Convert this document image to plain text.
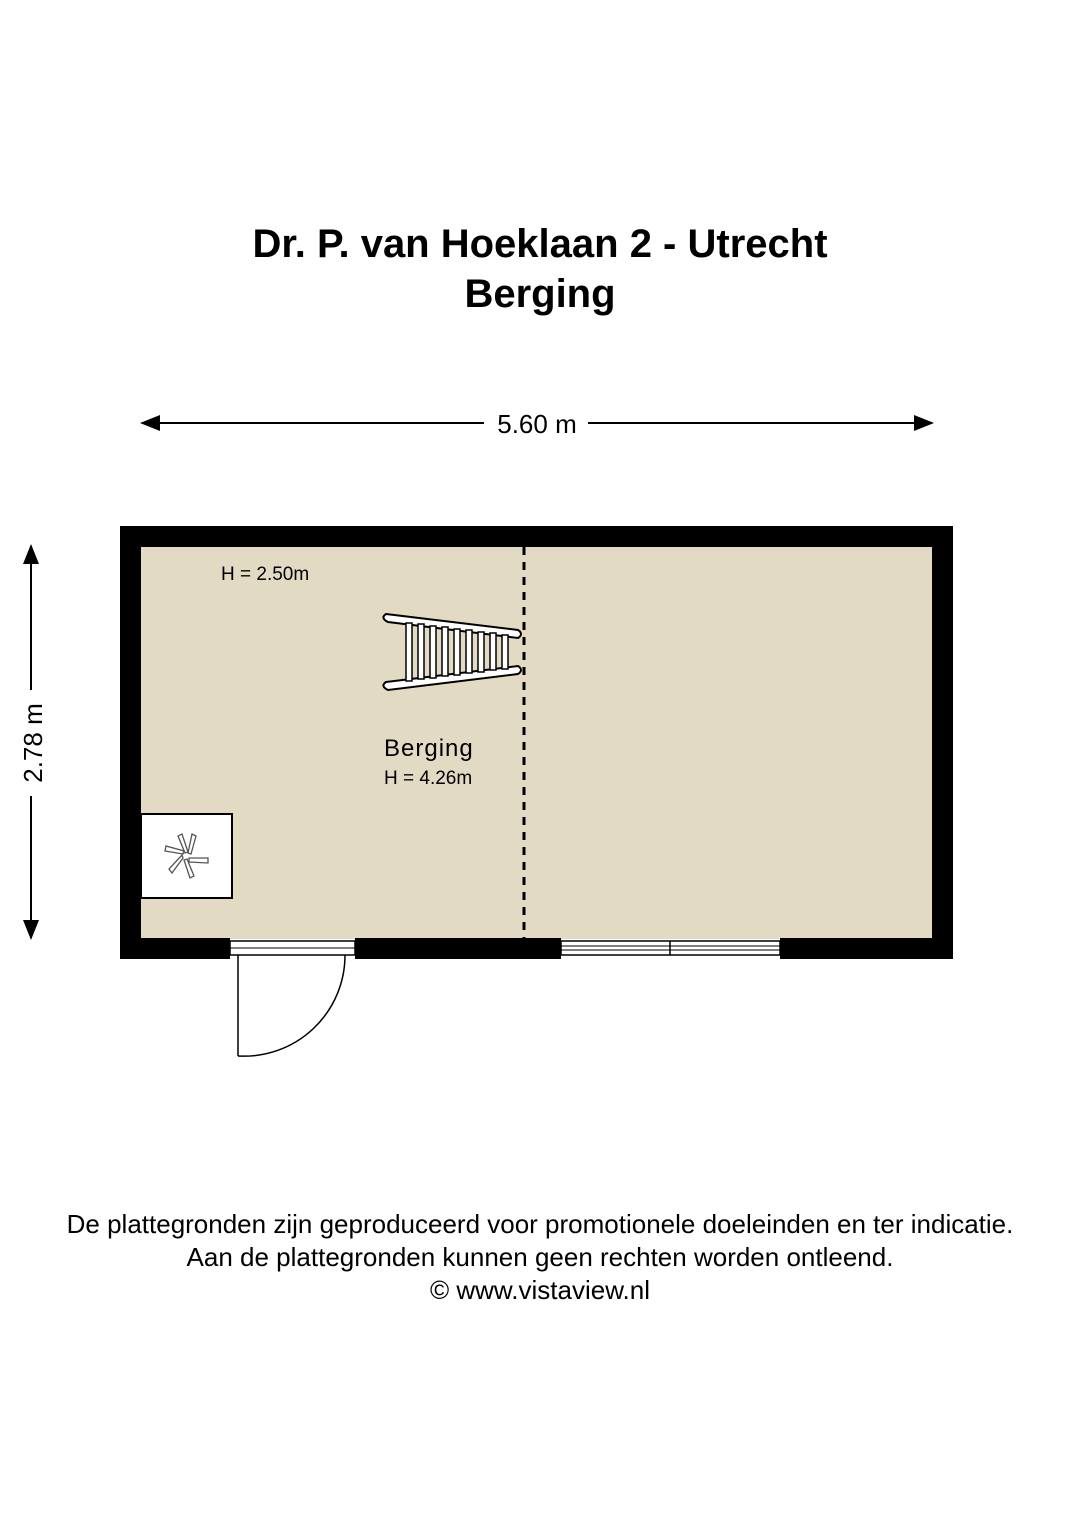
Dr. P. van Hoeklaan 2 - Utrecht
Berging
5.60 m
2.78 m
H = 2.50m
Berging
H = 4.26m
De plattegronden zijn geproduceerd voor promotionele doeleinden en ter indicatie.
Aan de plattegronden kunnen geen rechten worden ontleend.
© www.vistaview.nl
